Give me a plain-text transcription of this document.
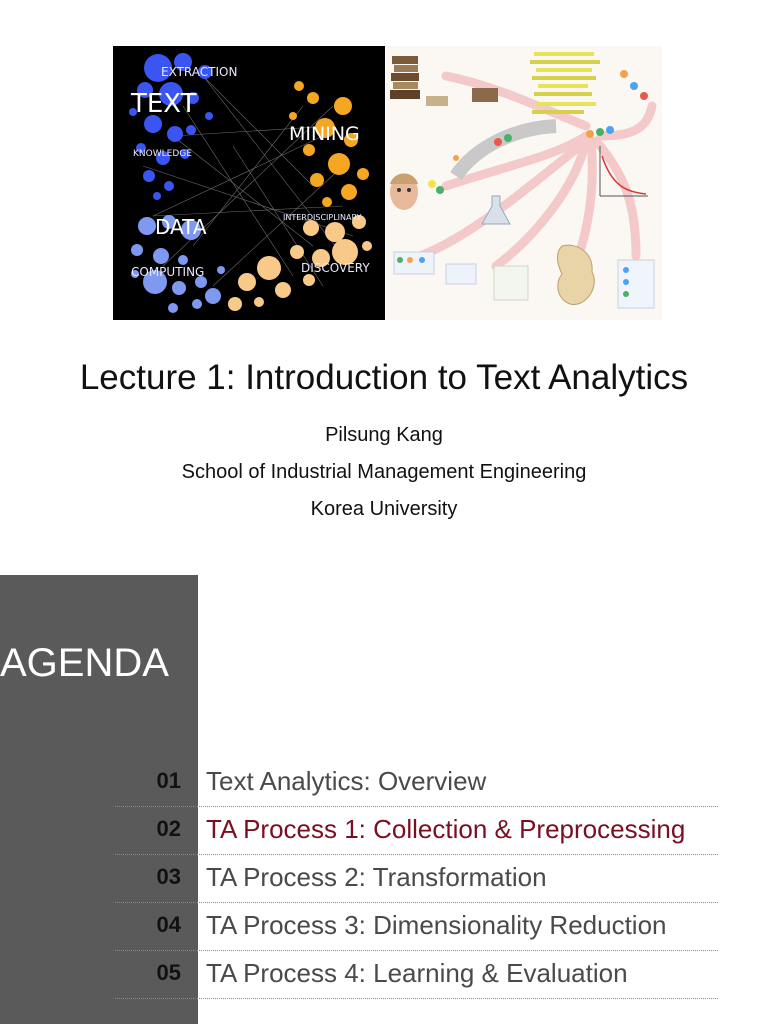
EXTRACTION
TEXT
KNOWLEDGE
MINING
DATA	INTERDISCIPLINARY
COMPUTING	DISCOVERY
Lecture 1: Introduction to Text Analytics
Pilsung Kang
School of Industrial Management Engineering
Korea University
AGENDA
01 Text Analytics: Overview
02 TA Process 1: Collection & Preprocessing
03 TA Process 2: Transformation
04 TA Process 3: Dimensionality Reduction
05 TA Process 4: Learning & Evaluation
